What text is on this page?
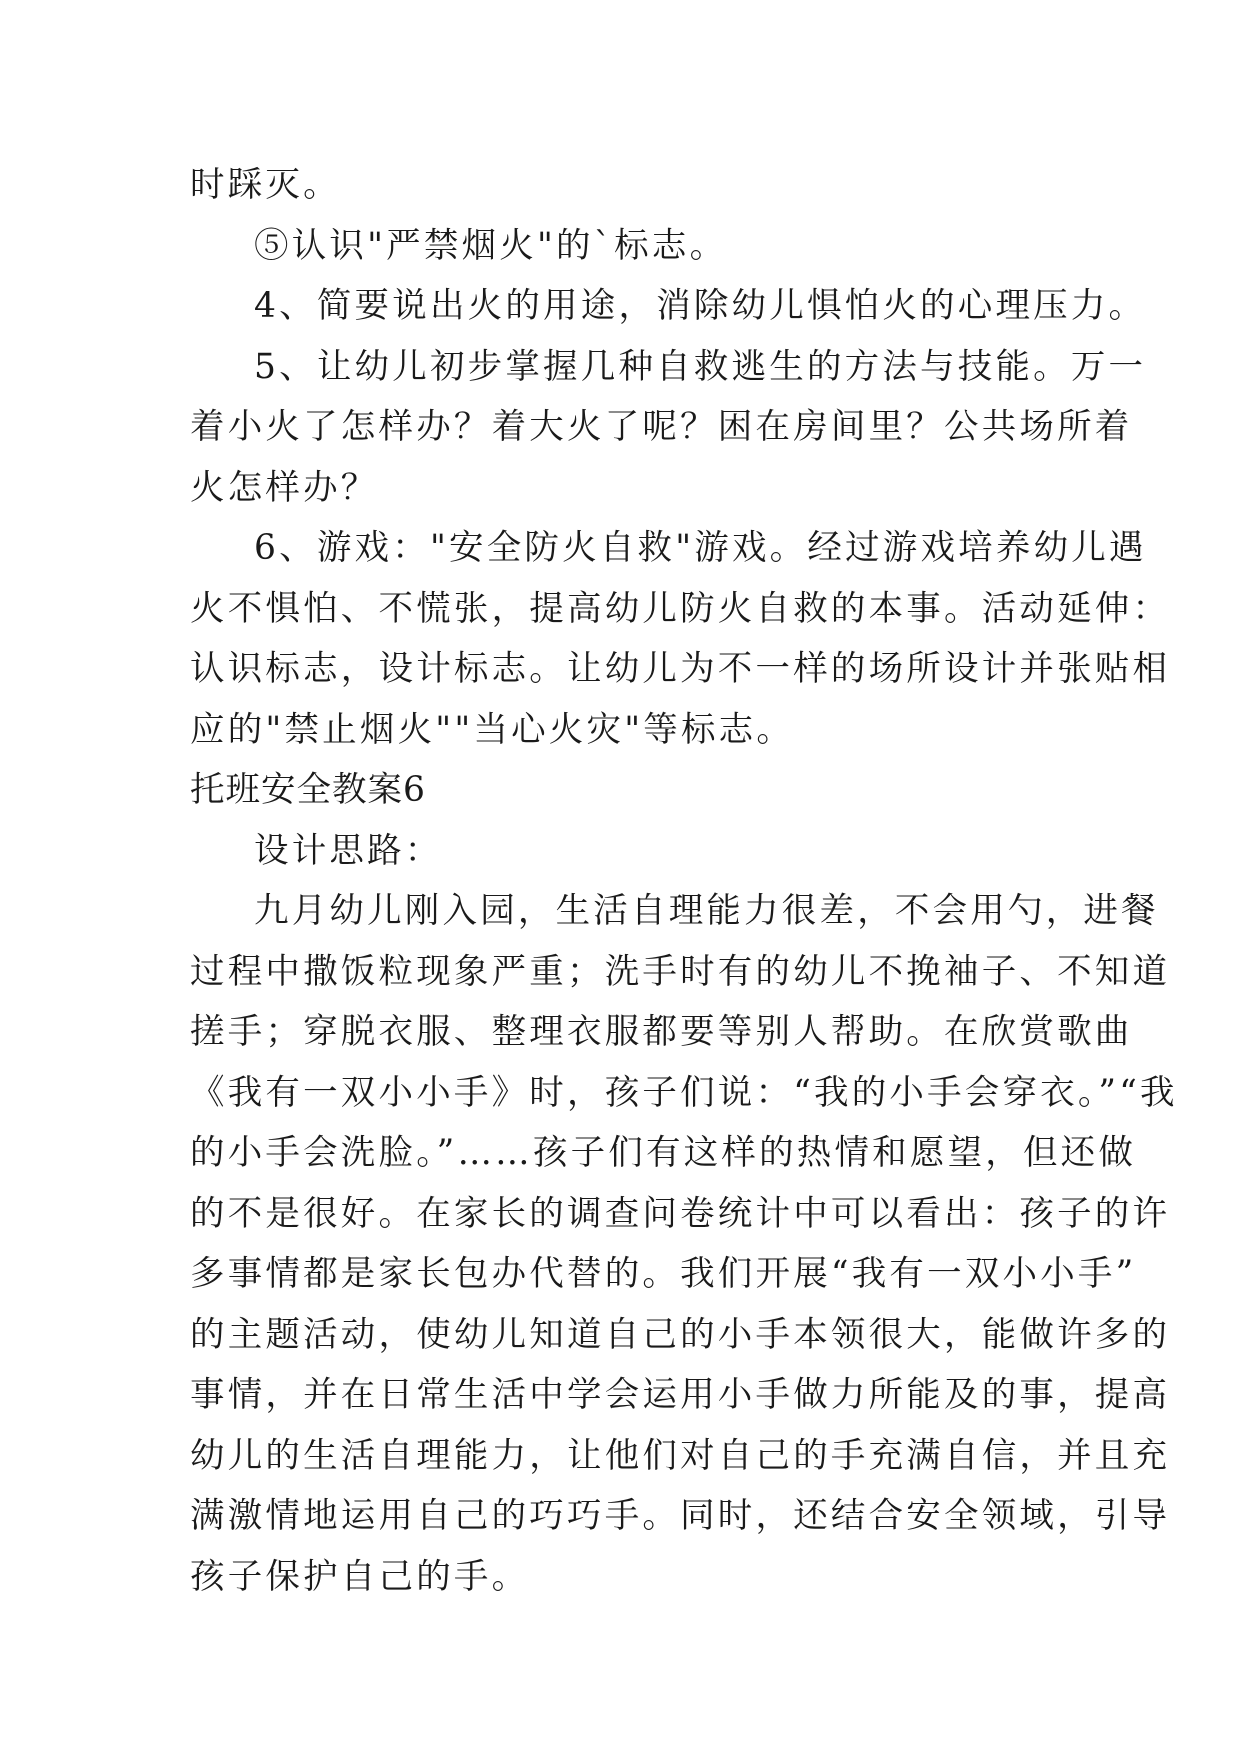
时踩灭。
⑤认识"严禁烟火"的`标志。
4、简要说出火的用途，消除幼儿惧怕火的心理压力。
5、让幼儿初步掌握几种自救逃生的方法与技能。万一
着小火了怎样办？着大火了呢？困在房间里？公共场所着
火怎样办？
6、游戏："安全防火自救"游戏。经过游戏培养幼儿遇
火不惧怕、不慌张，提高幼儿防火自救的本事。活动延伸：
认识标志，设计标志。让幼儿为不一样的场所设计并张贴相
应的"禁止烟火""当心火灾"等标志。
托班安全教案6
设计思路：
九月幼儿刚入园，生活自理能力很差，不会用勺，进餐
过程中撒饭粒现象严重；洗手时有的幼儿不挽袖子、不知道
搓手；穿脱衣服、整理衣服都要等别人帮助。在欣赏歌曲
《我有一双小小手》时，孩子们说：“我的小手会穿衣。”“我
的小手会洗脸。”……孩子们有这样的热情和愿望，但还做
的不是很好。在家长的调查问卷统计中可以看出：孩子的许
多事情都是家长包办代替的。我们开展“我有一双小小手”
的主题活动，使幼儿知道自己的小手本领很大，能做许多的
事情，并在日常生活中学会运用小手做力所能及的事，提高
幼儿的生活自理能力，让他们对自己的手充满自信，并且充
满激情地运用自己的巧巧手。同时，还结合安全领域，引导
孩子保护自己的手。
